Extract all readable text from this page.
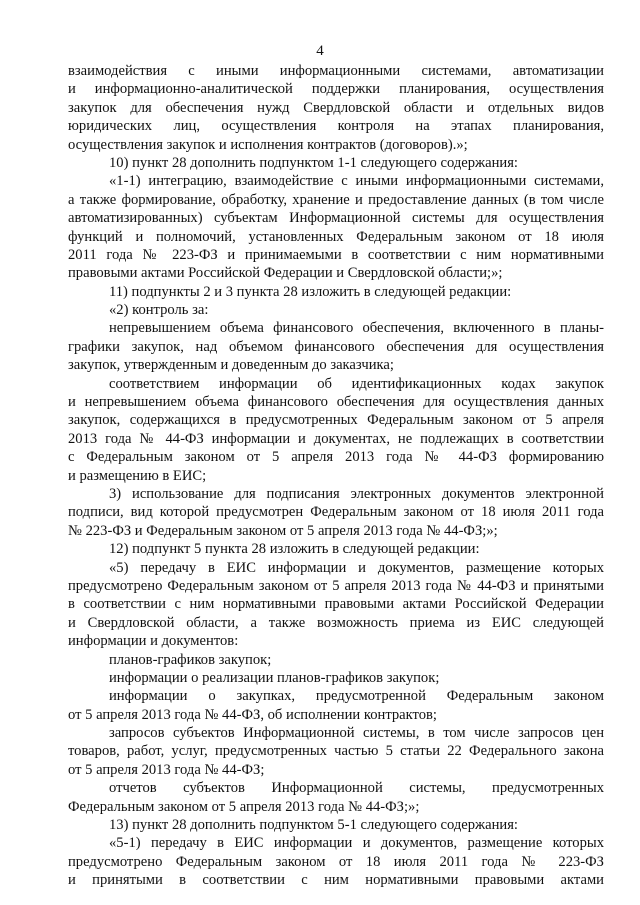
4
взаимодействия с иными информационными системами, автоматизации
и информационно-аналитической поддержки планирования, осуществления
закупок для обеспечения нужд Свердловской области и отдельных видов
юридических лиц, осуществления контроля на этапах планирования,
осуществления закупок и исполнения контрактов (договоров).»;
10) пункт 28 дополнить подпунктом 1-1 следующего содержания:
«1-1) интеграцию, взаимодействие с иными информационными системами,
а также формирование, обработку, хранение и предоставление данных (в том числе
автоматизированных) субъектам Информационной системы для осуществления
функций и полномочий, установленных Федеральным законом от 18 июля
2011 года № 223-ФЗ и принимаемыми в соответствии с ним нормативными
правовыми актами Российской Федерации и Свердловской области;»;
11) подпункты 2 и 3 пункта 28 изложить в следующей редакции:
«2) контроль за:
непревышением объема финансового обеспечения, включенного в планы-
графики закупок, над объемом финансового обеспечения для осуществления
закупок, утвержденным и доведенным до заказчика;
соответствием информации об идентификационных кодах закупок
и непревышением объема финансового обеспечения для осуществления данных
закупок, содержащихся в предусмотренных Федеральным законом от 5 апреля
2013 года № 44-ФЗ информации и документах, не подлежащих в соответствии
с Федеральным законом от 5 апреля 2013 года № 44-ФЗ формированию
и размещению в ЕИС;
3) использование для подписания электронных документов электронной
подписи, вид которой предусмотрен Федеральным законом от 18 июля 2011 года
№ 223-ФЗ и Федеральным законом от 5 апреля 2013 года № 44-ФЗ;»;
12) подпункт 5 пункта 28 изложить в следующей редакции:
«5) передачу в ЕИС информации и документов, размещение которых
предусмотрено Федеральным законом от 5 апреля 2013 года № 44-ФЗ и принятыми
в соответствии с ним нормативными правовыми актами Российской Федерации
и Свердловской области, а также возможность приема из ЕИС следующей
информации и документов:
планов-графиков закупок;
информации о реализации планов-графиков закупок;
информации о закупках, предусмотренной Федеральным законом
от 5 апреля 2013 года № 44-ФЗ, об исполнении контрактов;
запросов субъектов Информационной системы, в том числе запросов цен
товаров, работ, услуг, предусмотренных частью 5 статьи 22 Федерального закона
от 5 апреля 2013 года № 44-ФЗ;
отчетов субъектов Информационной системы, предусмотренных
Федеральным законом от 5 апреля 2013 года № 44-ФЗ;»;
13) пункт 28 дополнить подпунктом 5-1 следующего содержания:
«5-1) передачу в ЕИС информации и документов, размещение которых
предусмотрено Федеральным законом от 18 июля 2011 года № 223-ФЗ
и принятыми в соответствии с ним нормативными правовыми актами
